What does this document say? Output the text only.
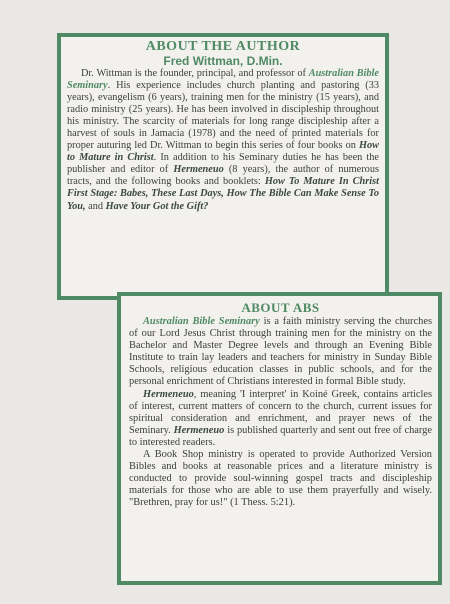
ABOUT THE AUTHOR
Fred Wittman, D.Min.

Dr. Wittman is the founder, principal, and professor of Australian Bible Seminary. His experience includes church planting and pastoring (33 years), evangelism (6 years), training men for the ministry (15 years), and radio ministry (25 years). He has been involved in discipleship throughout his ministry. The scarcity of materials for long range discipleship after a harvest of souls in Jamacia (1978) and the need of printed materials for proper auturing led Dr. Wittman to begin this series of four books on How to Mature in Christ. In addition to his Seminary duties he has been the publisher and editor of Hermeneuo (8 years), the author of numerous tracts, and the following books and booklets: How To Mature In Christ First Stage: Babes, These Last Days, How The Bible Can Make Sense To You, and Have Your Got the Gift?

ABOUT ABS

Australian Bible Seminary is a faith ministry serving the churches of our Lord Jesus Christ through training men for the ministry on the Bachelor and Master Degree levels and through an Evening Bible Institute to train lay leaders and teachers for ministry in Sunday Bible Schools, religious education classes in public schools, and for the personal enrichment of Christians interested in formal Bible study.

Hermeneuo, meaning 'I interpret' in Koiné Greek, contains articles of interest, current matters of concern to the church, current issues for spiritual consideration and enrichment, and prayer news of the Seminary. Hermeneuo is published quarterly and sent out free of charge to interested readers.

A Book Shop ministry is operated to provide Authorized Version Bibles and books at reasonable prices and a literature ministry is conducted to provide soul-winning gospel tracts and discipleship materials for those who are able to use them prayerfully and wisely. "Brethren, pray for us!" (1 Thess. 5:21).
